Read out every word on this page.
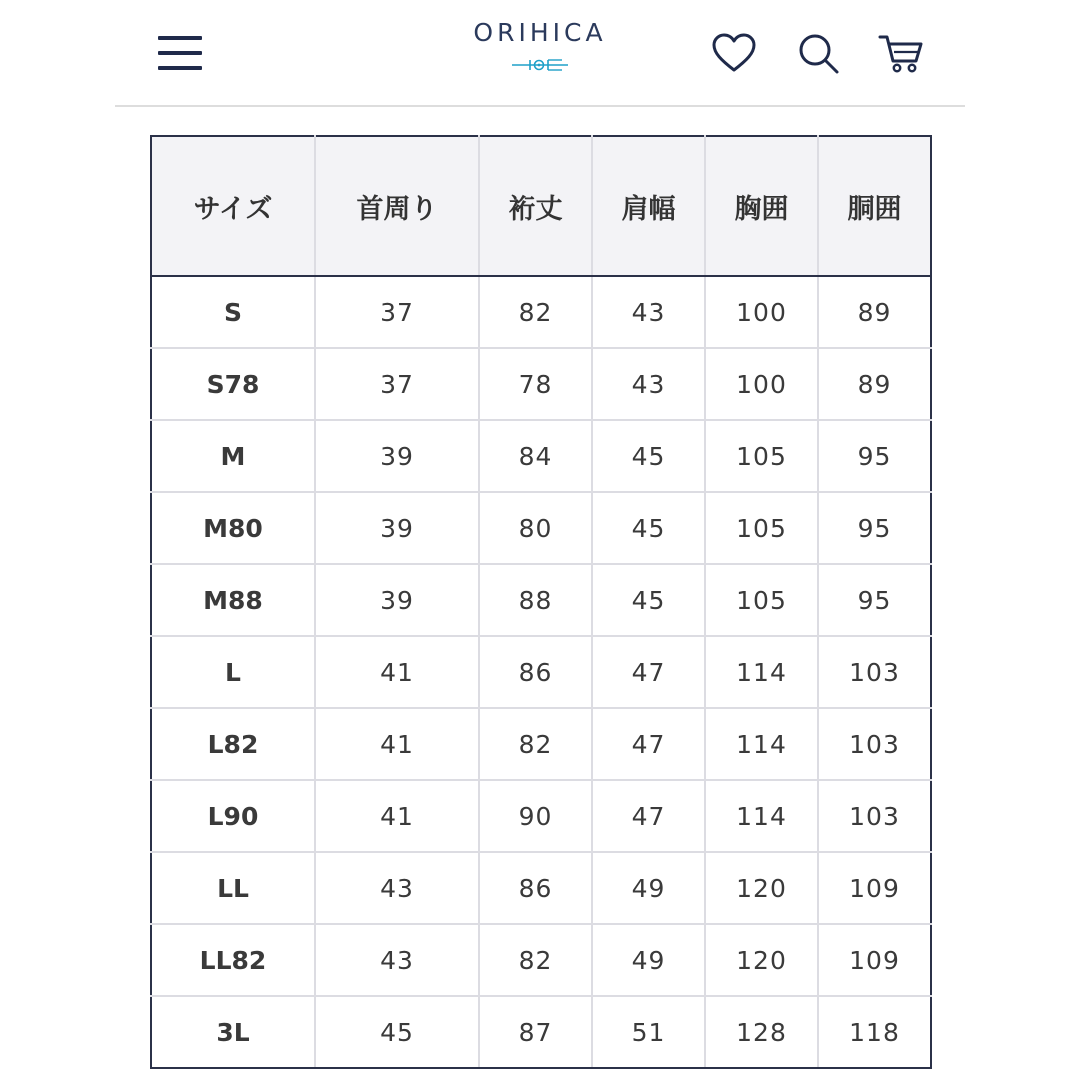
ORIHICA
サイズ	首周り	裄丈	肩幅	胸囲	胴囲
S	37	82	43	100	89
S78	37	78	43	100	89
M	39	84	45	105	95
M80	39	80	45	105	95
M88	39	88	45	105	95
L	41	86	47	114	103
L82	41	82	47	114	103
L90	41	90	47	114	103
LL	43	86	49	120	109
LL82	43	82	49	120	109
3L	45	87	51	128	118
